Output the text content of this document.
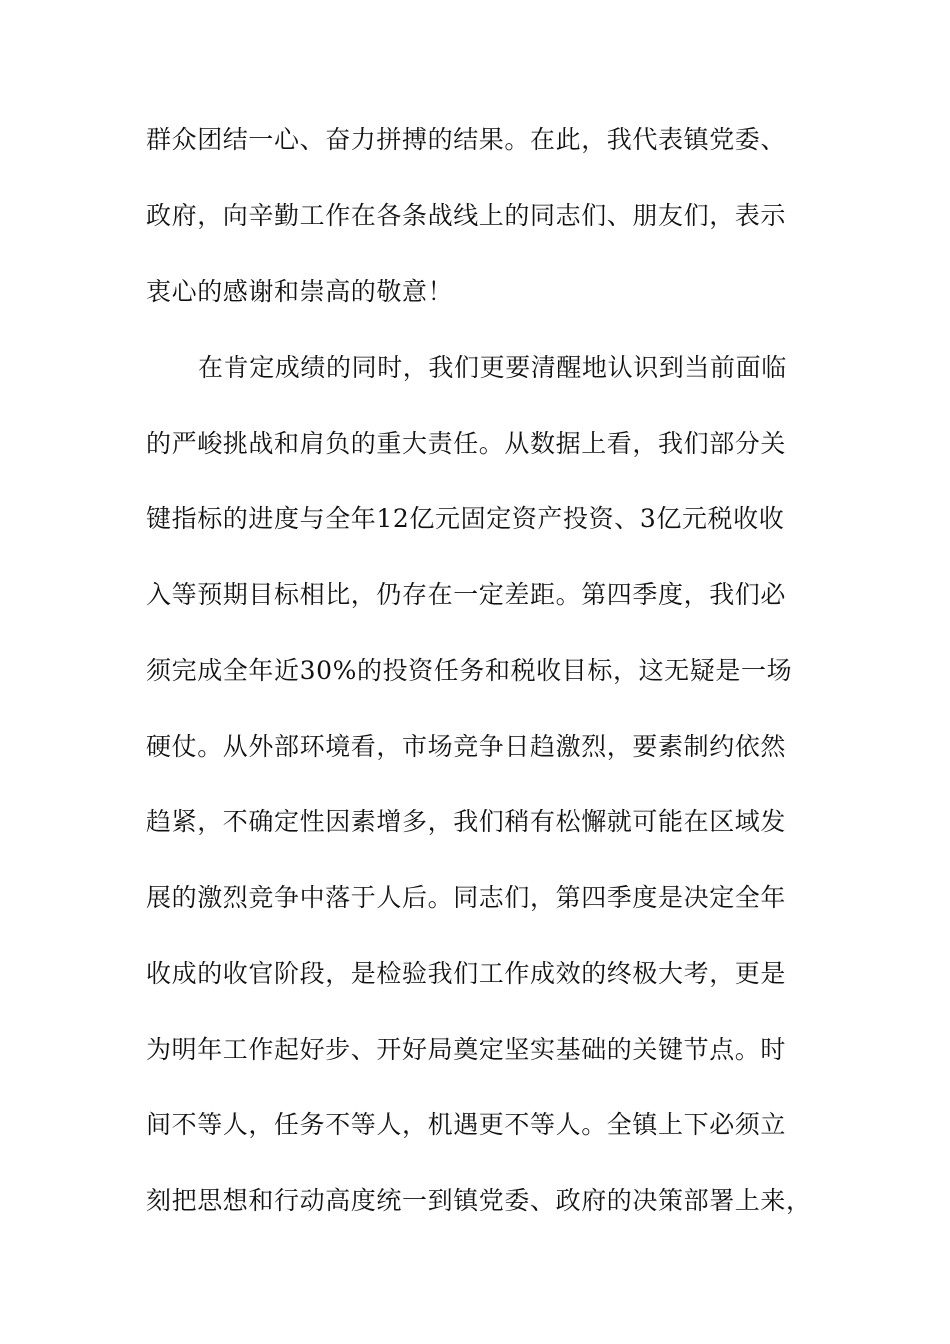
群众团结一心、奋力拼搏的结果。在此，我代表镇党委、
政府，向辛勤工作在各条战线上的同志们、朋友们，表示
衷心的感谢和崇高的敬意！
在肯定成绩的同时，我们更要清醒地认识到当前面临
的严峻挑战和肩负的重大责任。从数据上看，我们部分关
键指标的进度与全年12亿元固定资产投资、3亿元税收收
入等预期目标相比，仍存在一定差距。第四季度，我们必
须完成全年近30%的投资任务和税收目标，这无疑是一场
硬仗。从外部环境看，市场竞争日趋激烈，要素制约依然
趋紧，不确定性因素增多，我们稍有松懈就可能在区域发
展的激烈竞争中落于人后。同志们，第四季度是决定全年
收成的收官阶段，是检验我们工作成效的终极大考，更是
为明年工作起好步、开好局奠定坚实基础的关键节点。时
间不等人，任务不等人，机遇更不等人。全镇上下必须立
刻把思想和行动高度统一到镇党委、政府的决策部署上来，
